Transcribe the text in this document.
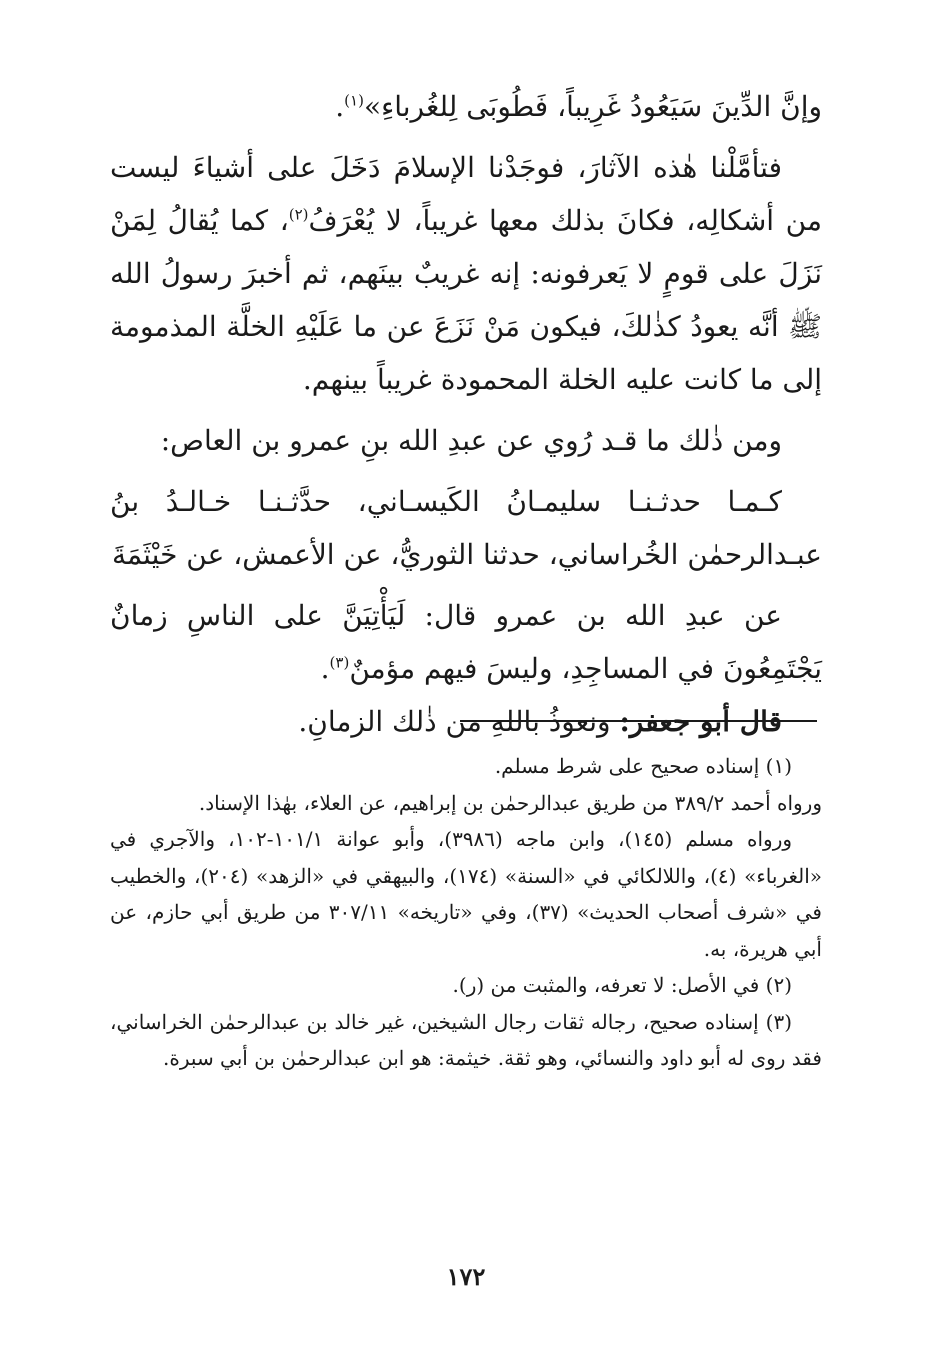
وإنَّ الدِّينَ سَيَعُودُ غَرِيباً، فَطُوبَى لِلغُرباءِ»$^{(١)}$.

فتأمَّلْنا هٰذه الآثارَ، فوجَدْنا الإسلامَ دَخَلَ على أشياءَ ليست من أشكالِه، فكانَ بذلك معها غريباً، لا يُعْرَفُ$^{(٢)}$، كما يُقالُ لِمَنْ نَزَلَ على قومٍ لا يَعرفونه: إنه غريبٌ بينَهم، ثم أخبرَ رسولُ الله ﷺ أنَّه يعودُ كذٰلكَ، فيكون مَنْ نَزَعَ عن ما عَلَيْهِ الخلَّة المذمومة إلى ما كانت عليه الخلة المحمودة غريباً بينهم.

ومن ذٰلك ما قـد رُوي عن عبدِ الله بنِ عمرو بن العاص:

كـمـا حدثـنـا سليمـانُ الكَيسـاني، حدَّثـنـا خـالـدُ بنُ عبـدالرحمٰن الخُراساني، حدثنا الثوريُّ، عن الأعمش، عن خَيْثَمَةَ

عن عبدِ الله بن عمرو قال: لَيَأْتِيَنَّ على الناسِ زمانٌ يَجْتَمِعُونَ في المساجِدِ، وليسَ فيهم مؤمنٌ$^{(٣)}$.

قال أبو جعفر: ونعوذُ باللهِ من ذٰلك الزمانِ.

(١) إسناده صحيح على شرط مسلم.

ورواه أحمد ٣٨٩/٢ من طريق عبدالرحمٰن بن إبراهيم، عن العلاء، بهٰذا الإسناد.

ورواه مسلم (١٤٥)، وابن ماجه (٣٩٨٦)، وأبو عوانة ١٠١/١-١٠٢، والآجري في «الغرباء» (٤)، واللالكائي في «السنة» (١٧٤)، والبيهقي في «الزهد» (٢٠٤)، والخطيب في «شرف أصحاب الحديث» (٣٧)، وفي «تاريخه» ٣٠٧/١١ من طريق أبي حازم، عن أبي هريرة، به.

(٢) في الأصل: لا تعرفه، والمثبت من (ر).

(٣) إسناده صحيح، رجاله ثقات رجال الشيخين، غير خالد بن عبدالرحمٰن الخراساني، فقد روى له أبو داود والنسائي، وهو ثقة. خيثمة: هو ابن عبدالرحمٰن بن أبي سبرة.

١٧٢
